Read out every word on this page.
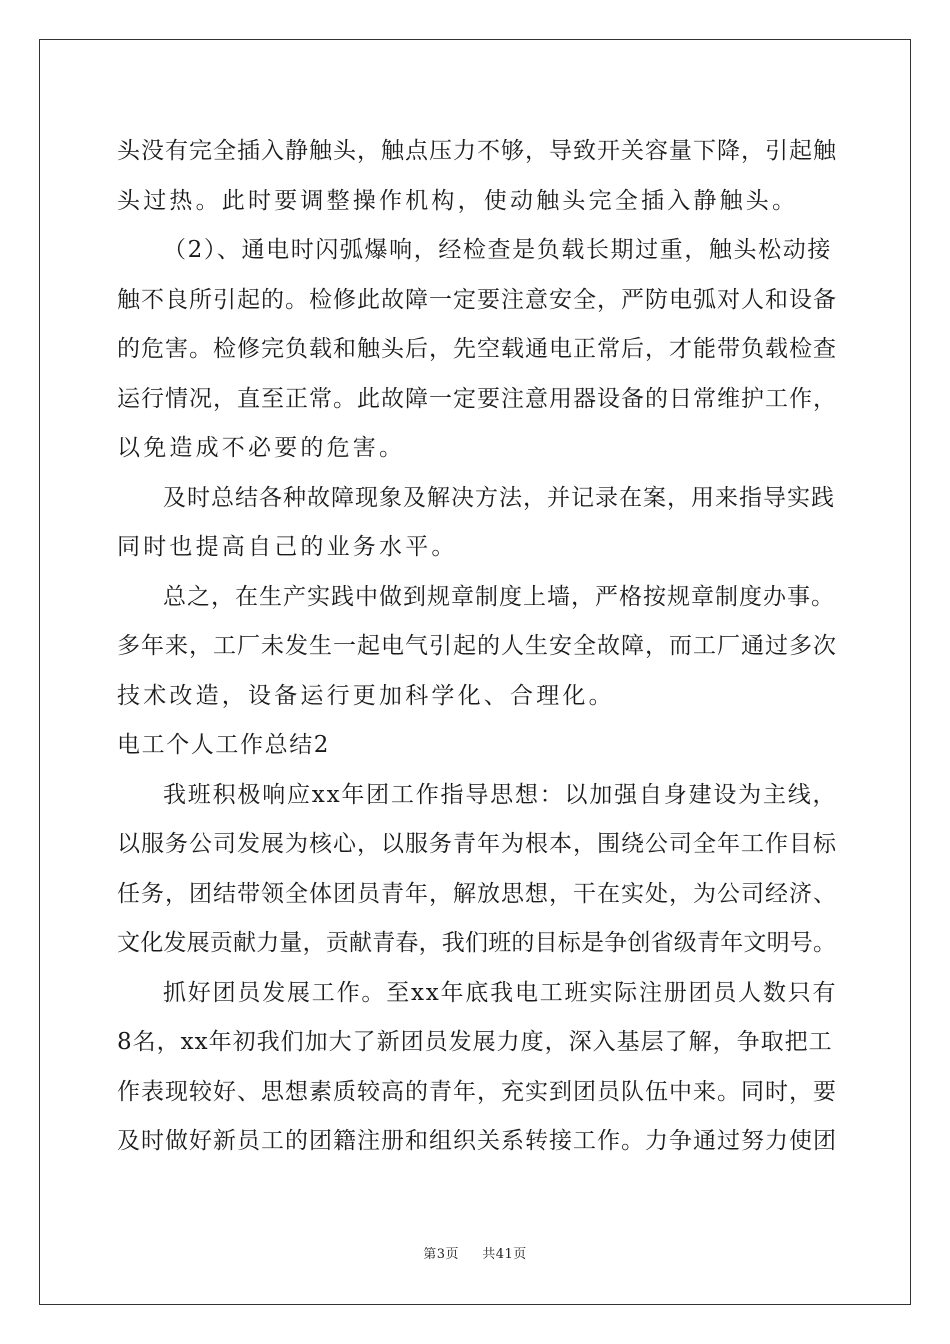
头没有完全插入静触头，触点压力不够，导致开关容量下降，引起触
头过热。此时要调整操作机构，使动触头完全插入静触头。
（2）、通电时闪弧爆响，经检查是负载长期过重，触头松动接
触不良所引起的。检修此故障一定要注意安全，严防电弧对人和设备
的危害。检修完负载和触头后，先空载通电正常后，才能带负载检查
运行情况，直至正常。此故障一定要注意用器设备的日常维护工作，
以免造成不必要的危害。
及时总结各种故障现象及解决方法，并记录在案，用来指导实践
同时也提高自己的业务水平。
总之，在生产实践中做到规章制度上墙，严格按规章制度办事。
多年来，工厂未发生一起电气引起的人生安全故障，而工厂通过多次
技术改造，设备运行更加科学化、合理化。
电工个人工作总结2
我班积极响应xx年团工作指导思想：以加强自身建设为主线，
以服务公司发展为核心，以服务青年为根本，围绕公司全年工作目标
任务，团结带领全体团员青年，解放思想，干在实处，为公司经济、
文化发展贡献力量，贡献青春，我们班的目标是争创省级青年文明号。
抓好团员发展工作。至xx年底我电工班实际注册团员人数只有
8名，xx年初我们加大了新团员发展力度，深入基层了解，争取把工
作表现较好、思想素质较高的青年，充实到团员队伍中来。同时，要
及时做好新员工的团籍注册和组织关系转接工作。力争通过努力使团
第3页 共41页
